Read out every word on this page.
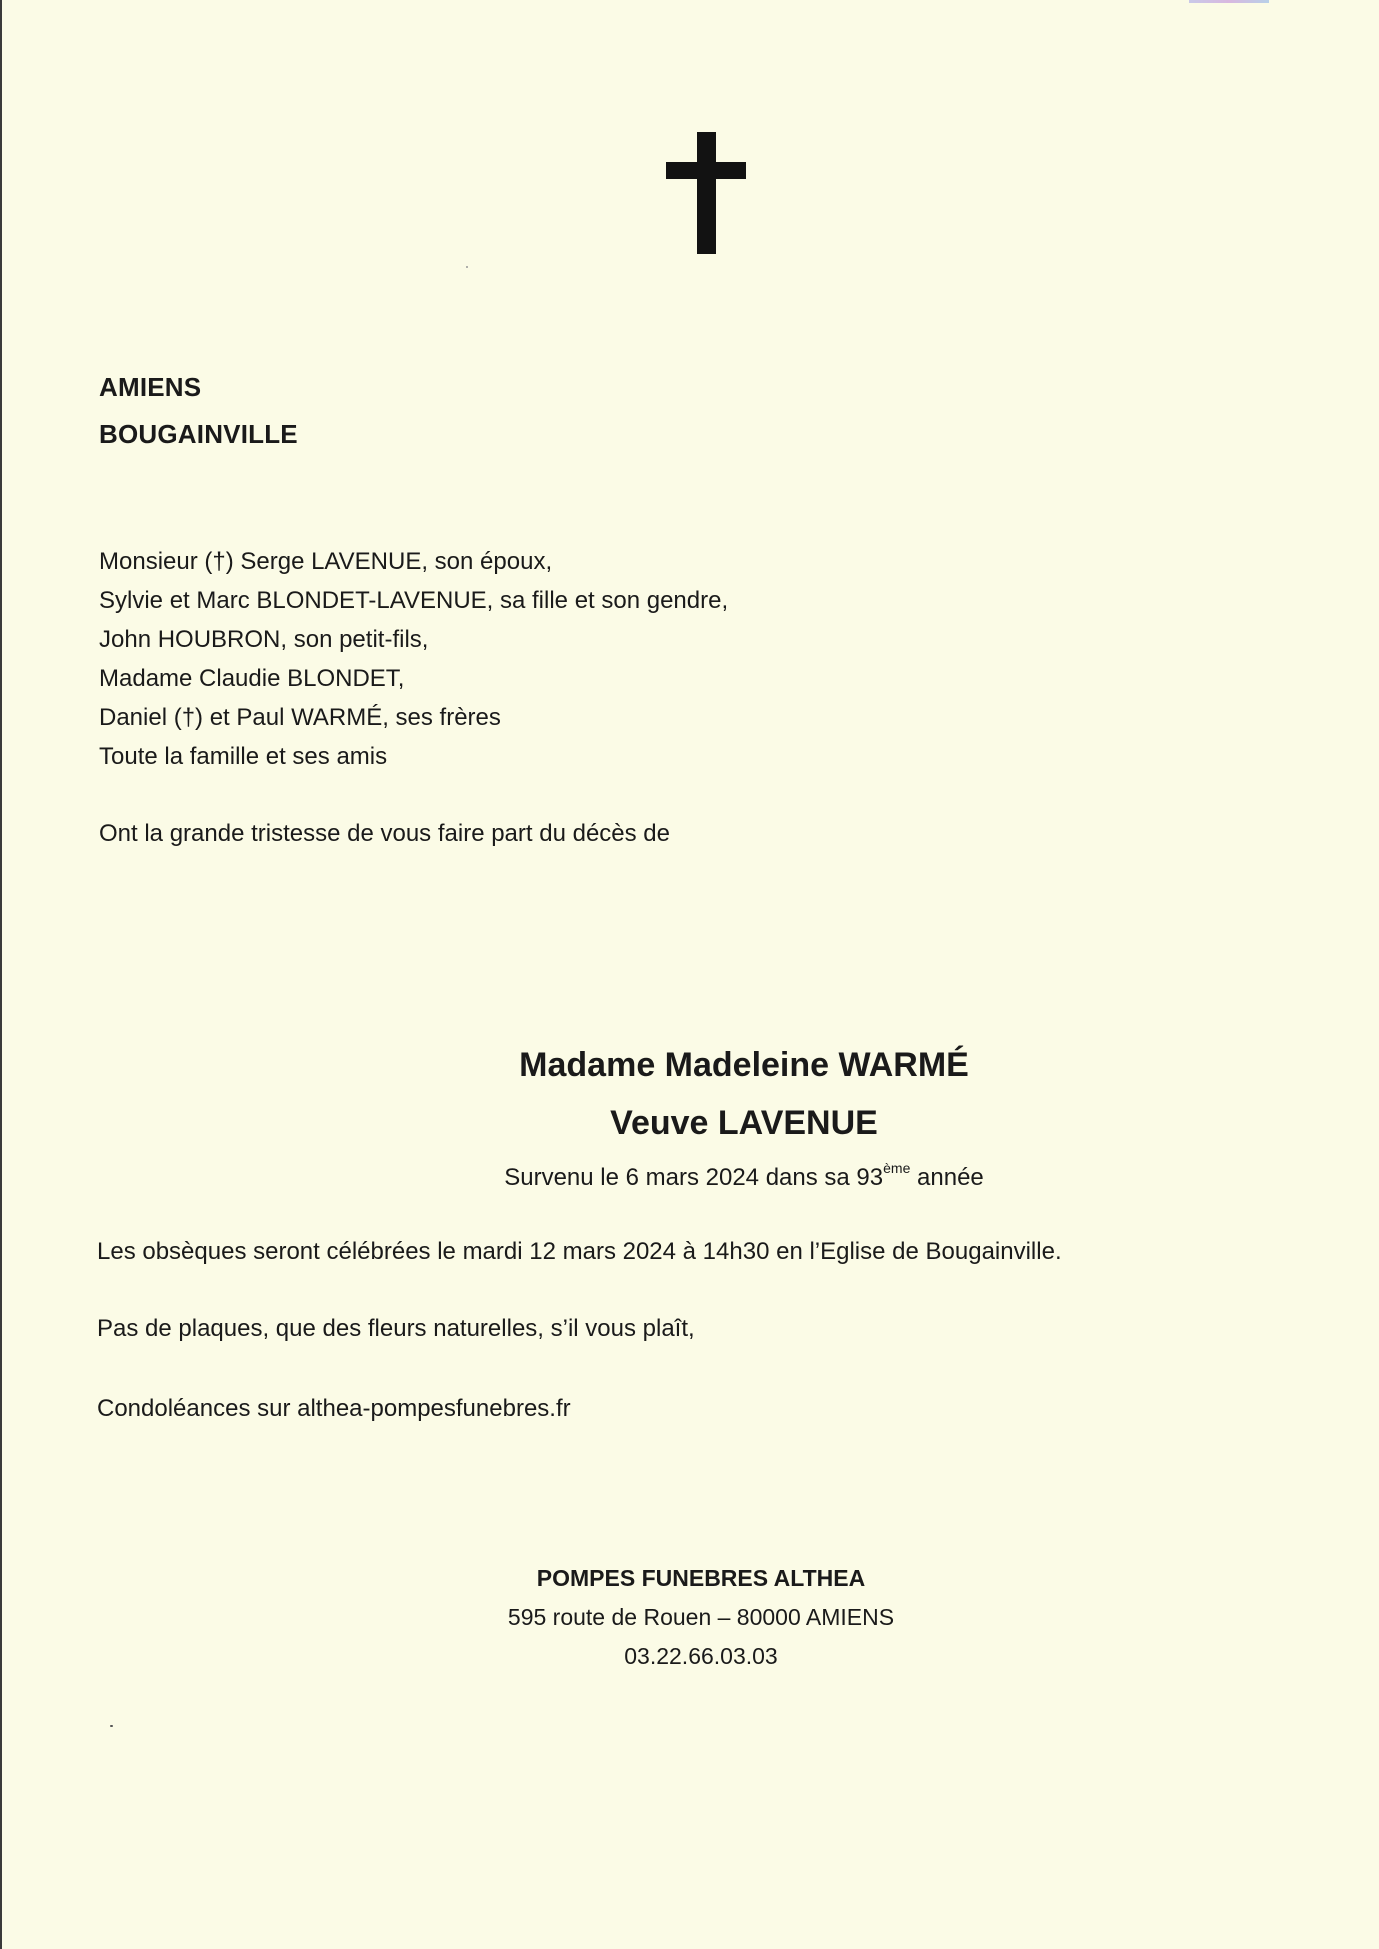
AMIENS
BOUGAINVILLE
Monsieur (†) Serge LAVENUE, son époux,
Sylvie et Marc BLONDET-LAVENUE, sa fille et son gendre,
John HOUBRON, son petit-fils,
Madame Claudie BLONDET,
Daniel (†) et Paul WARMÉ, ses frères
Toute la famille et ses amis
Ont la grande tristesse de vous faire part du décès de
Madame Madeleine WARMÉ
Veuve LAVENUE
Survenu le 6 mars 2024 dans sa 93ème année
Les obsèques seront célébrées le mardi 12 mars 2024 à 14h30 en l’Eglise de Bougainville.
Pas de plaques, que des fleurs naturelles, s’il vous plaît,
Condoléances sur althea-pompesfunebres.fr
POMPES FUNEBRES ALTHEA
595 route de Rouen – 80000 AMIENS
03.22.66.03.03
